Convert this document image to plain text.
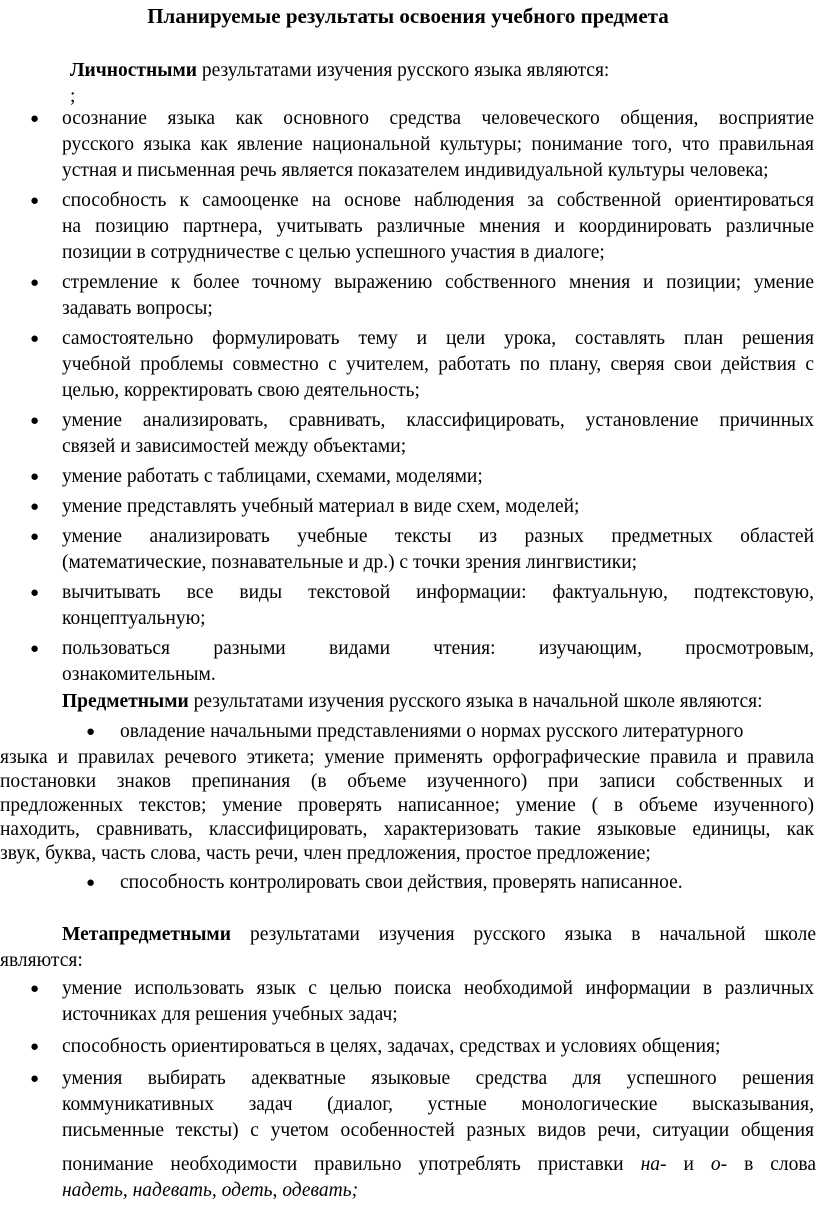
Планируемые результаты освоения учебного предмета
Личностными результатами изучения русского языка являются:
;
● осознание языка как основного средства человеческого общения, восприятие
русского языка как явление национальной культуры; понимание того, что правильная
устная и письменная речь является показателем индивидуальной культуры человека;
● способность к самооценке на основе наблюдения за собственной ориентироваться
на позицию партнера, учитывать различные мнения и координировать различные
позиции в сотрудничестве с целью успешного участия в диалоге;
● стремление к более точному выражению собственного мнения и позиции; умение
задавать вопросы;
● самостоятельно формулировать тему и цели урока, составлять план решения
учебной проблемы совместно с учителем, работать по плану, сверяя свои действия с
целью, корректировать свою деятельность;
● умение анализировать, сравнивать, классифицировать, установление причинных
связей и зависимостей между объектами;
● умение работать с таблицами, схемами, моделями;
● умение представлять учебный материал в виде схем, моделей;
● умение анализировать учебные тексты из разных предметных областей
(математические, познавательные и др.) с точки зрения лингвистики;
● вычитывать все виды текстовой информации: фактуальную, подтекстовую,
концептуальную;
● пользоваться разными видами чтения: изучающим, просмотровым,
ознакомительным.
Предметными результатами изучения русского языка в начальной школе являются:
● овладение начальными представлениями о нормах русского литературного
языка и правилах речевого этикета; умение применять орфографические правила и правила
постановки знаков препинания (в объеме изученного) при записи собственных и
предложенных текстов; умение проверять написанное; умение ( в объеме изученного)
находить, сравнивать, классифицировать, характеризовать такие языковые единицы, как
звук, буква, часть слова, часть речи, член предложения, простое предложение;
● способность контролировать свои действия, проверять написанное.
Метапредметными результатами изучения русского языка в начальной школе
являются:
● умение использовать язык с целью поиска необходимой информации в различных
источниках для решения учебных задач;
● способность ориентироваться в целях, задачах, средствах и условиях общения;
● умения выбирать адекватные языковые средства для успешного решения
коммуникативных задач (диалог, устные монологические высказывания,
письменные тексты) с учетом особенностей разных видов речи, ситуации общения
понимание необходимости правильно употреблять приставки на- и о- в слова
надеть, надевать, одеть, одевать;
